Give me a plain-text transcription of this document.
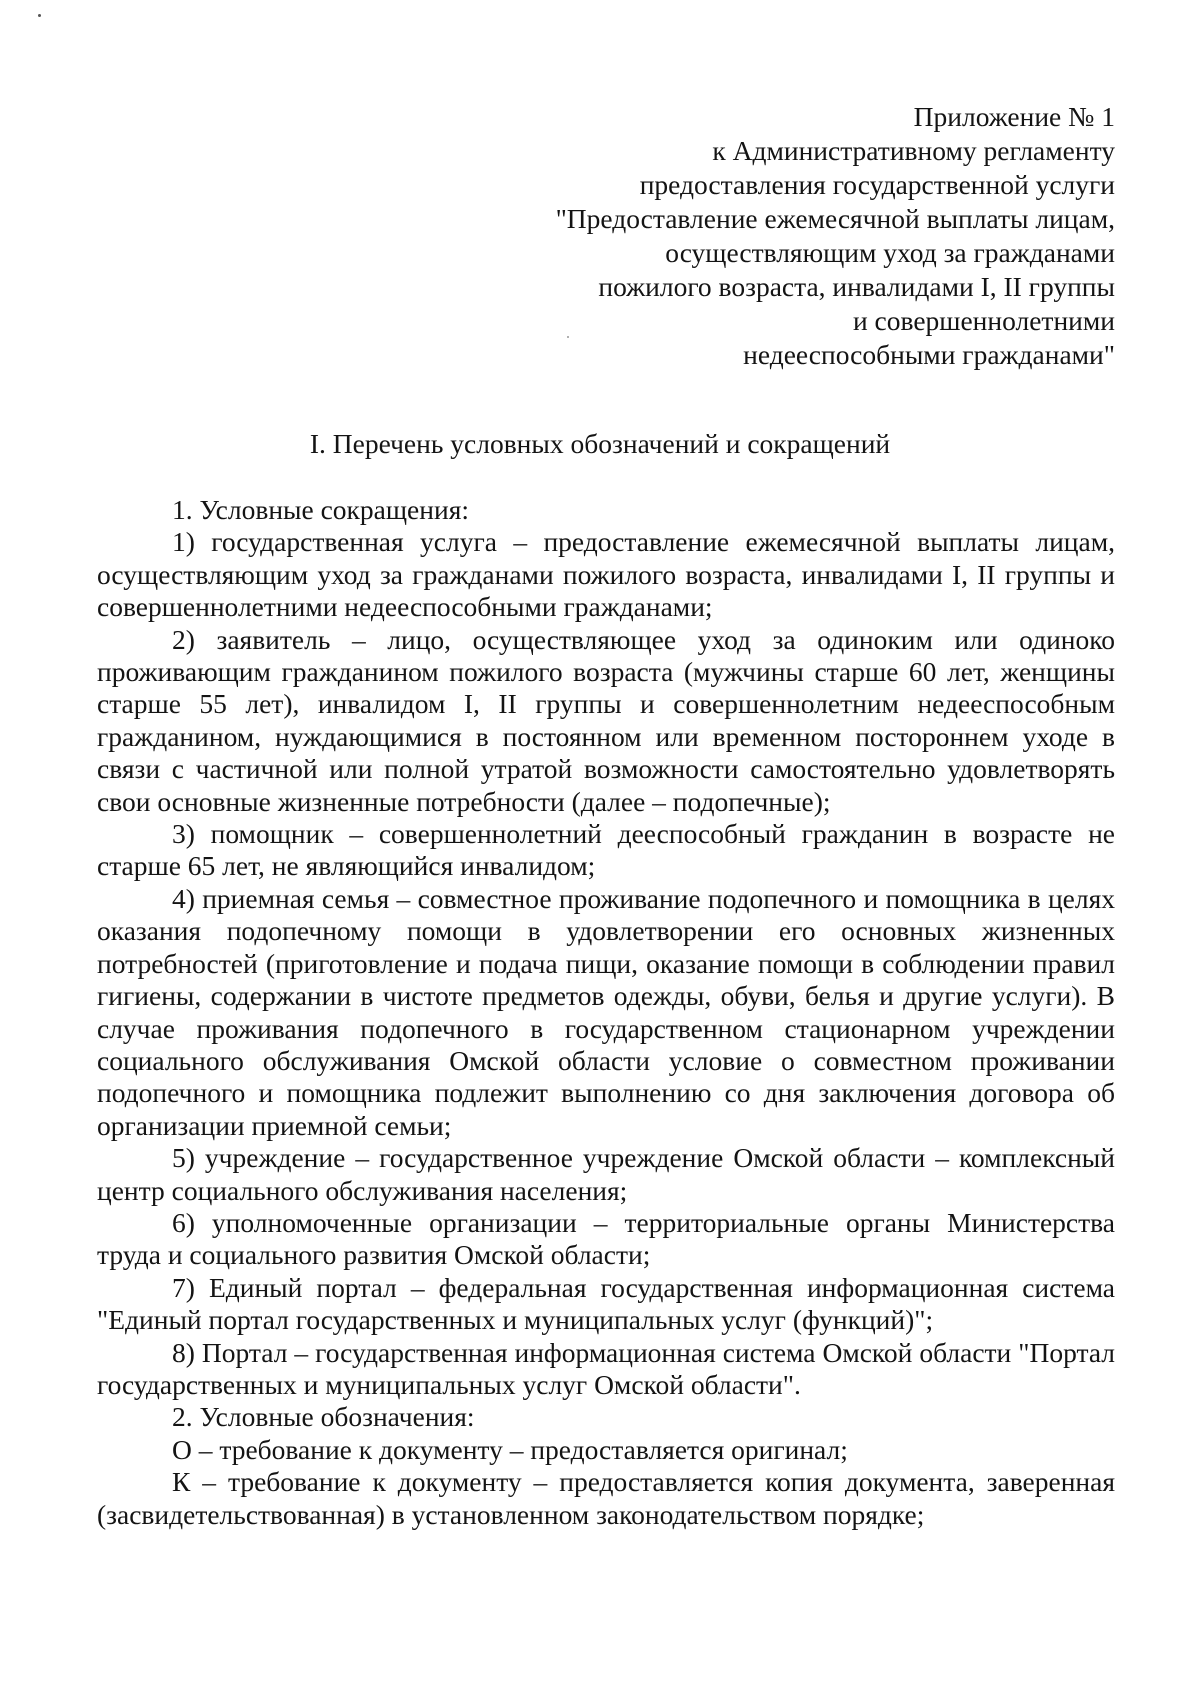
Приложение № 1
к Административному регламенту
предоставления государственной услуги
"Предоставление ежемесячной выплаты лицам,
осуществляющим уход за гражданами
пожилого возраста, инвалидами I, II группы
и совершеннолетними
недееспособными гражданами"
I. Перечень условных обозначений и сокращений

1. Условные сокращения:

1) государственная услуга – предоставление ежемесячной выплаты лицам, осуществляющим уход за гражданами пожилого возраста, инвалидами I, II группы и совершеннолетними недееспособными гражданами;

2) заявитель – лицо, осуществляющее уход за одиноким или одиноко проживающим гражданином пожилого возраста (мужчины старше 60 лет, женщины старше 55 лет), инвалидом I, II группы и совершеннолетним недееспособным гражданином, нуждающимися в постоянном или временном постороннем уходе в связи с частичной или полной утратой возможности самостоятельно удовлетворять свои основные жизненные потребности (далее – подопечные);

3) помощник – совершеннолетний дееспособный гражданин в возрасте не старше 65 лет, не являющийся инвалидом;

4) приемная семья – совместное проживание подопечного и помощника в целях оказания подопечному помощи в удовлетворении его основных жизненных потребностей (приготовление и подача пищи, оказание помощи в соблюдении правил гигиены, содержании в чистоте предметов одежды, обуви, белья и другие услуги). В случае проживания подопечного в государственном стационарном учреждении социального обслуживания Омской области условие о совместном проживании подопечного и помощника подлежит выполнению со дня заключения договора об организации приемной семьи;

5) учреждение – государственное учреждение Омской области – комплексный центр социального обслуживания населения;

6) уполномоченные организации – территориальные органы Министерства труда и социального развития Омской области;

7) Единый портал – федеральная государственная информационная система "Единый портал государственных и муниципальных услуг (функций)";

8) Портал – государственная информационная система Омской области "Портал государственных и муниципальных услуг Омской области".

2. Условные обозначения:

О – требование к документу – предоставляется оригинал;

К – требование к документу – предоставляется копия документа, заверенная (засвидетельствованная) в установленном законодательством порядке;
